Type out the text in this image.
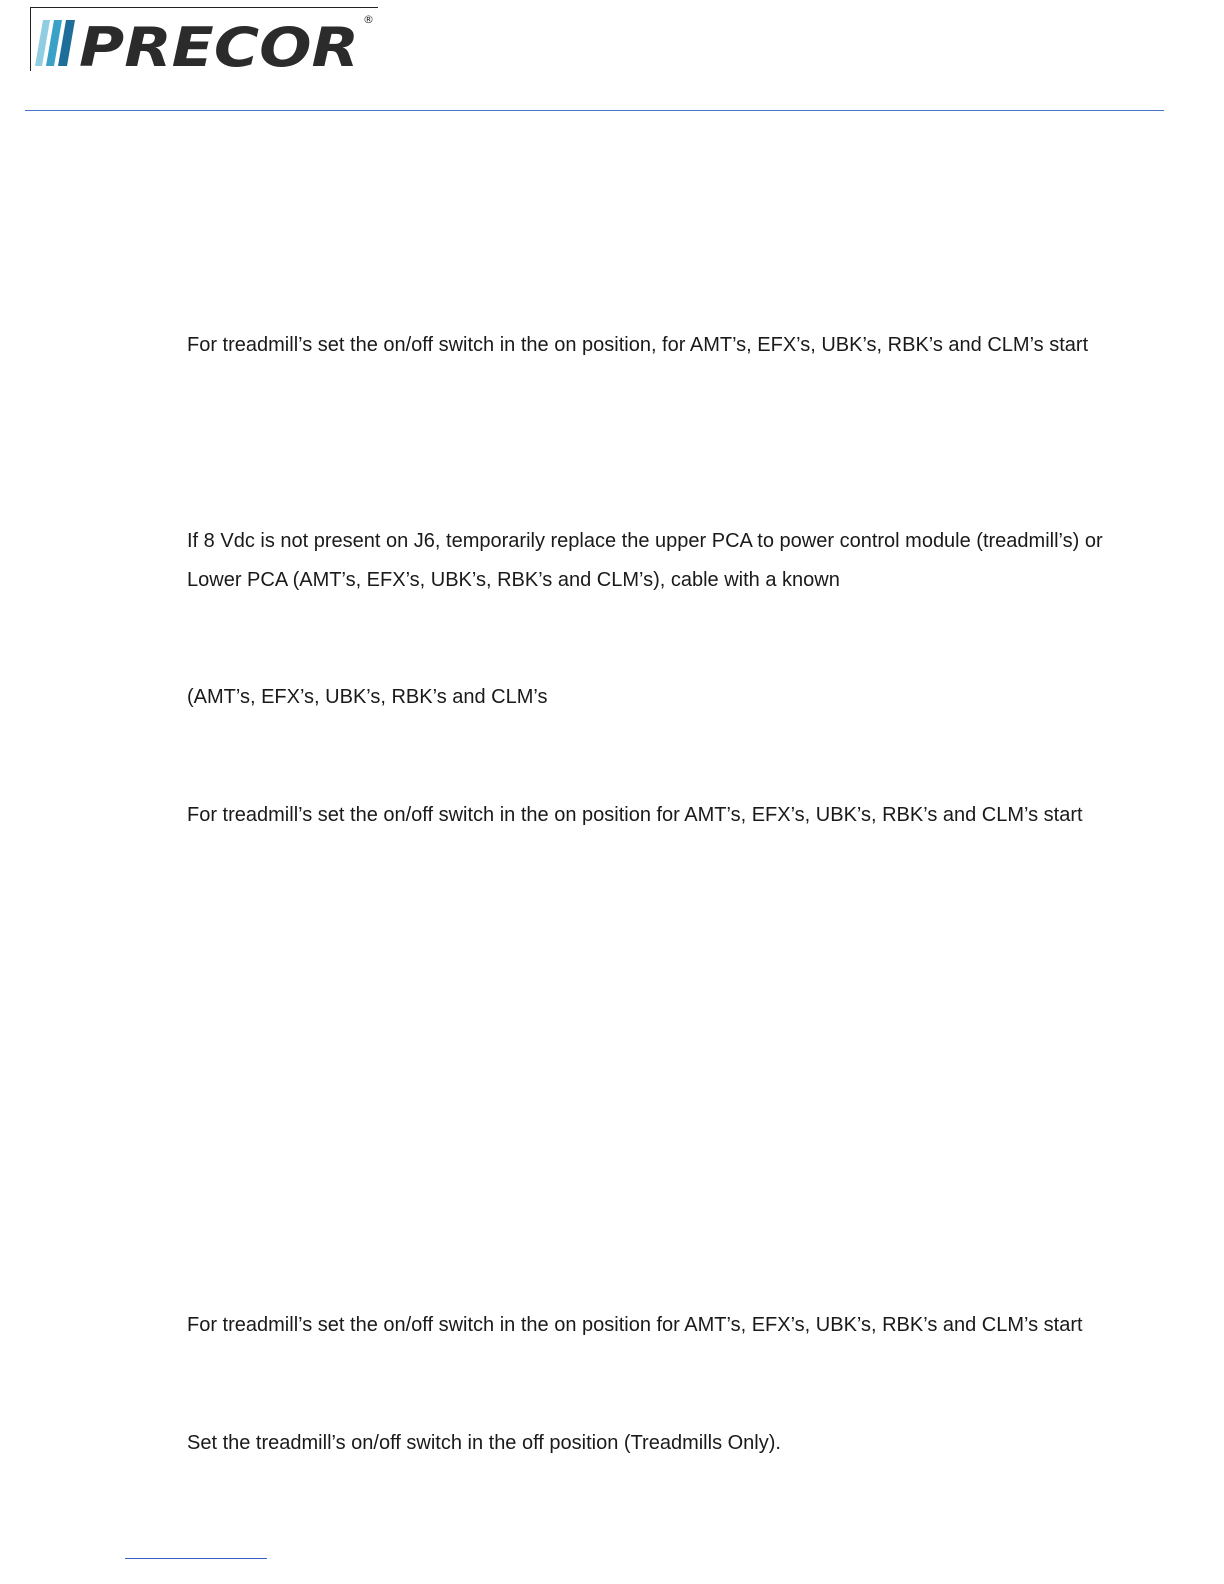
PRECOR ®

For treadmill’s set the on/off switch in the on position, for AMT’s, EFX’s, UBK’s, RBK’s and CLM’s start

If 8 Vdc is not present on J6, temporarily replace the upper PCA to power control module (treadmill’s) or

Lower PCA (AMT’s, EFX’s, UBK’s, RBK’s and CLM’s), cable with a known

(AMT’s, EFX’s, UBK’s, RBK’s and CLM’s

For treadmill’s set the on/off switch in the on position for AMT’s, EFX’s, UBK’s, RBK’s and CLM’s start

For treadmill’s set the on/off switch in the on position for AMT’s, EFX’s, UBK’s, RBK’s and CLM’s start

Set the treadmill’s on/off switch in the off position (Treadmills Only).
